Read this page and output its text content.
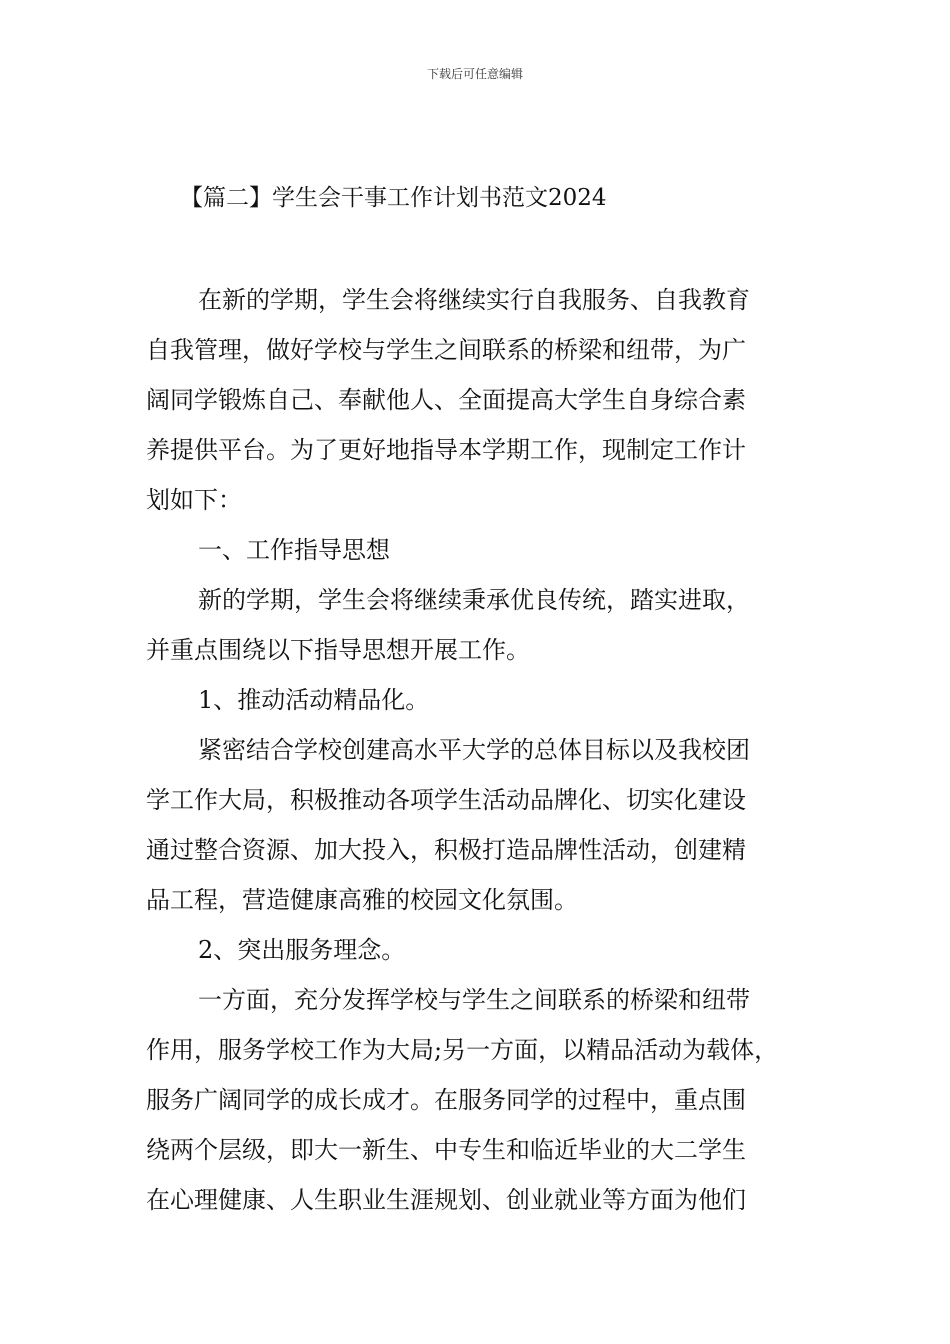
下载后可任意编辑
【篇二】学生会干事工作计划书范文2024
在新的学期，学生会将继续实行自我服务、自我教育
自我管理，做好学校与学生之间联系的桥梁和纽带，为广
阔同学锻炼自己、奉献他人、全面提高大学生自身综合素
养提供平台。为了更好地指导本学期工作，现制定工作计
划如下：
一、工作指导思想
新的学期，学生会将继续秉承优良传统，踏实进取，
并重点围绕以下指导思想开展工作。
1、推动活动精品化。
紧密结合学校创建高水平大学的总体目标以及我校团
学工作大局，积极推动各项学生活动品牌化、切实化建设
通过整合资源、加大投入，积极打造品牌性活动，创建精
品工程，营造健康高雅的校园文化氛围。
2、突出服务理念。
一方面，充分发挥学校与学生之间联系的桥梁和纽带
作用，服务学校工作为大局;另一方面，以精品活动为载体，
服务广阔同学的成长成才。在服务同学的过程中，重点围
绕两个层级，即大一新生、中专生和临近毕业的大二学生
在心理健康、人生职业生涯规划、创业就业等方面为他们
